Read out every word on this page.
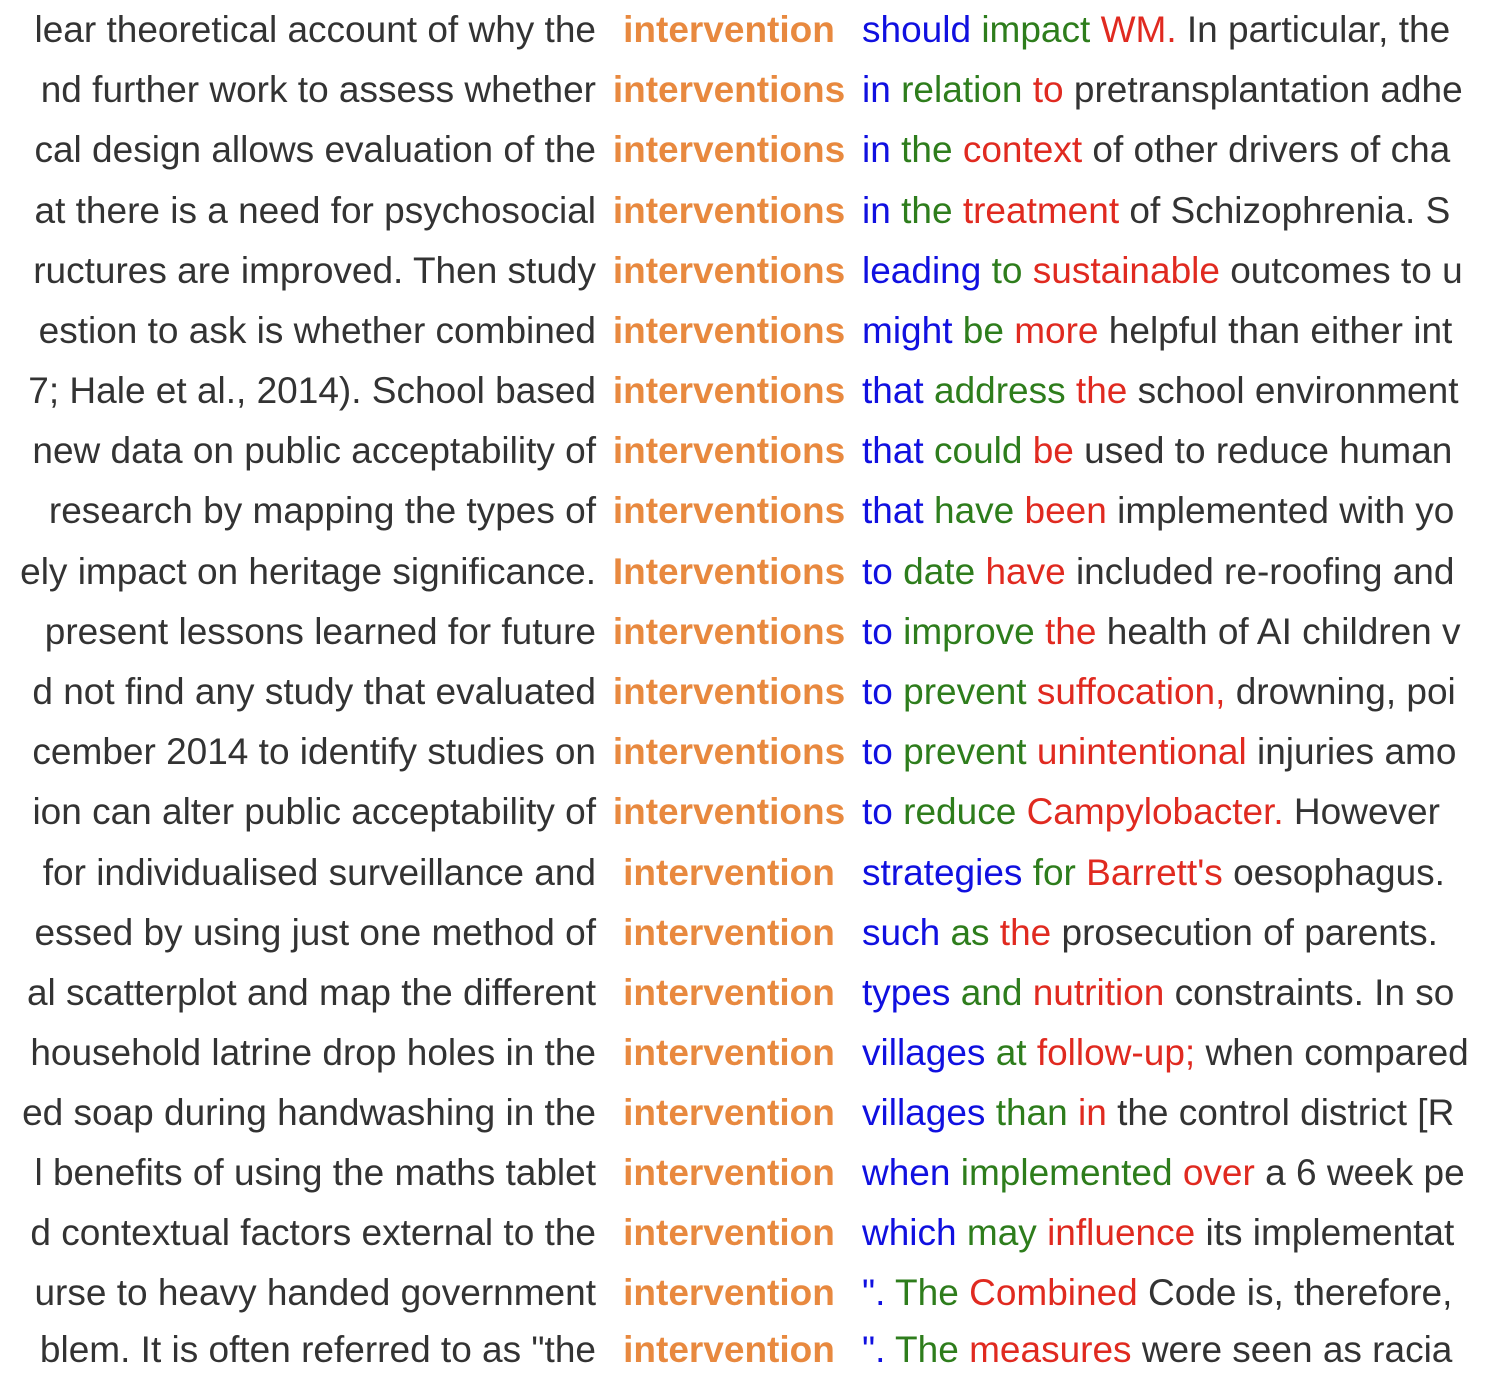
lear theoretical account of why the intervention should impact WM. In particular, the
nd further work to assess whether interventions in relation to pretransplantation adhe
cal design allows evaluation of the interventions in the context of other drivers of cha
at there is a need for psychosocial interventions in the treatment of Schizophrenia. S
ructures are improved. Then study interventions leading to sustainable outcomes to u
estion to ask is whether combined interventions might be more helpful than either int
7; Hale et al., 2014). School based interventions that address the school environment
new data on public acceptability of interventions that could be used to reduce human
research by mapping the types of interventions that have been implemented with yo
ely impact on heritage significance. Interventions to date have included re-roofing and
present lessons learned for future interventions to improve the health of AI children v
d not find any study that evaluated interventions to prevent suffocation, drowning, poi
cember 2014 to identify studies on interventions to prevent unintentional injuries amo
ion can alter public acceptability of interventions to reduce Campylobacter. However
for individualised surveillance and intervention strategies for Barrett's oesophagus.
essed by using just one method of intervention such as the prosecution of parents.
al scatterplot and map the different intervention types and nutrition constraints. In so
household latrine drop holes in the intervention villages at follow-up; when compared
ed soap during handwashing in the intervention villages than in the control district [R
l benefits of using the maths tablet intervention when implemented over a 6 week pe
d contextual factors external to the intervention which may influence its implementat
urse to heavy handed government intervention ". The Combined Code is, therefore,
blem. It is often referred to as "the intervention ". The measures were seen as racia
